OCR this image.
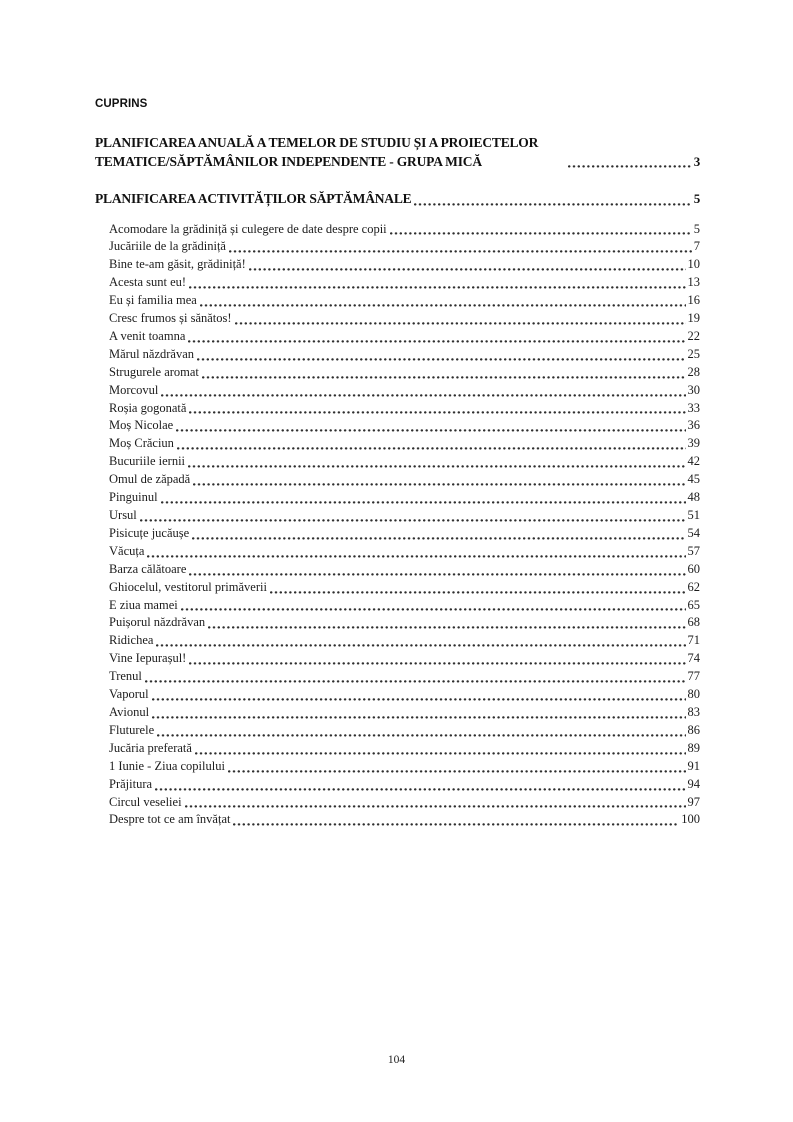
CUPRINS
PLANIFICAREA ANUALĂ A TEMELOR DE STUDIU ȘI A PROIECTELOR TEMATICE/SĂPTĂMÂNILOR INDEPENDENTE - GRUPA MICĂ	3
PLANIFICAREA ACTIVITĂȚILOR SĂPTĂMÂNALE	5
Acomodare la grădiniță și culegere de date despre copii	5
Jucăriile de la grădiniță	7
Bine te-am găsit, grădiniță!	10
Acesta sunt eu!	13
Eu și familia mea	16
Cresc frumos și sănătos!	19
A venit toamna	22
Mărul năzdrăvan	25
Strugurele aromat	28
Morcovul	30
Roșia gogonată	33
Moș Nicolae	36
Moș Crăciun	39
Bucuriile iernii	42
Omul de zăpadă	45
Pinguinul	48
Ursul	51
Pisicuțe jucăușe	54
Văcuța	57
Barza călătoare	60
Ghiocelul, vestitorul primăverii	62
E ziua mamei	65
Puișorul năzdrăvan	68
Ridichea	71
Vine Iepurașul!	74
Trenul	77
Vaporul	80
Avionul	83
Fluturele	86
Jucăria preferată	89
1 Iunie - Ziua copilului	91
Prăjitura	94
Circul veseliei	97
Despre tot ce am învățat	100
104
